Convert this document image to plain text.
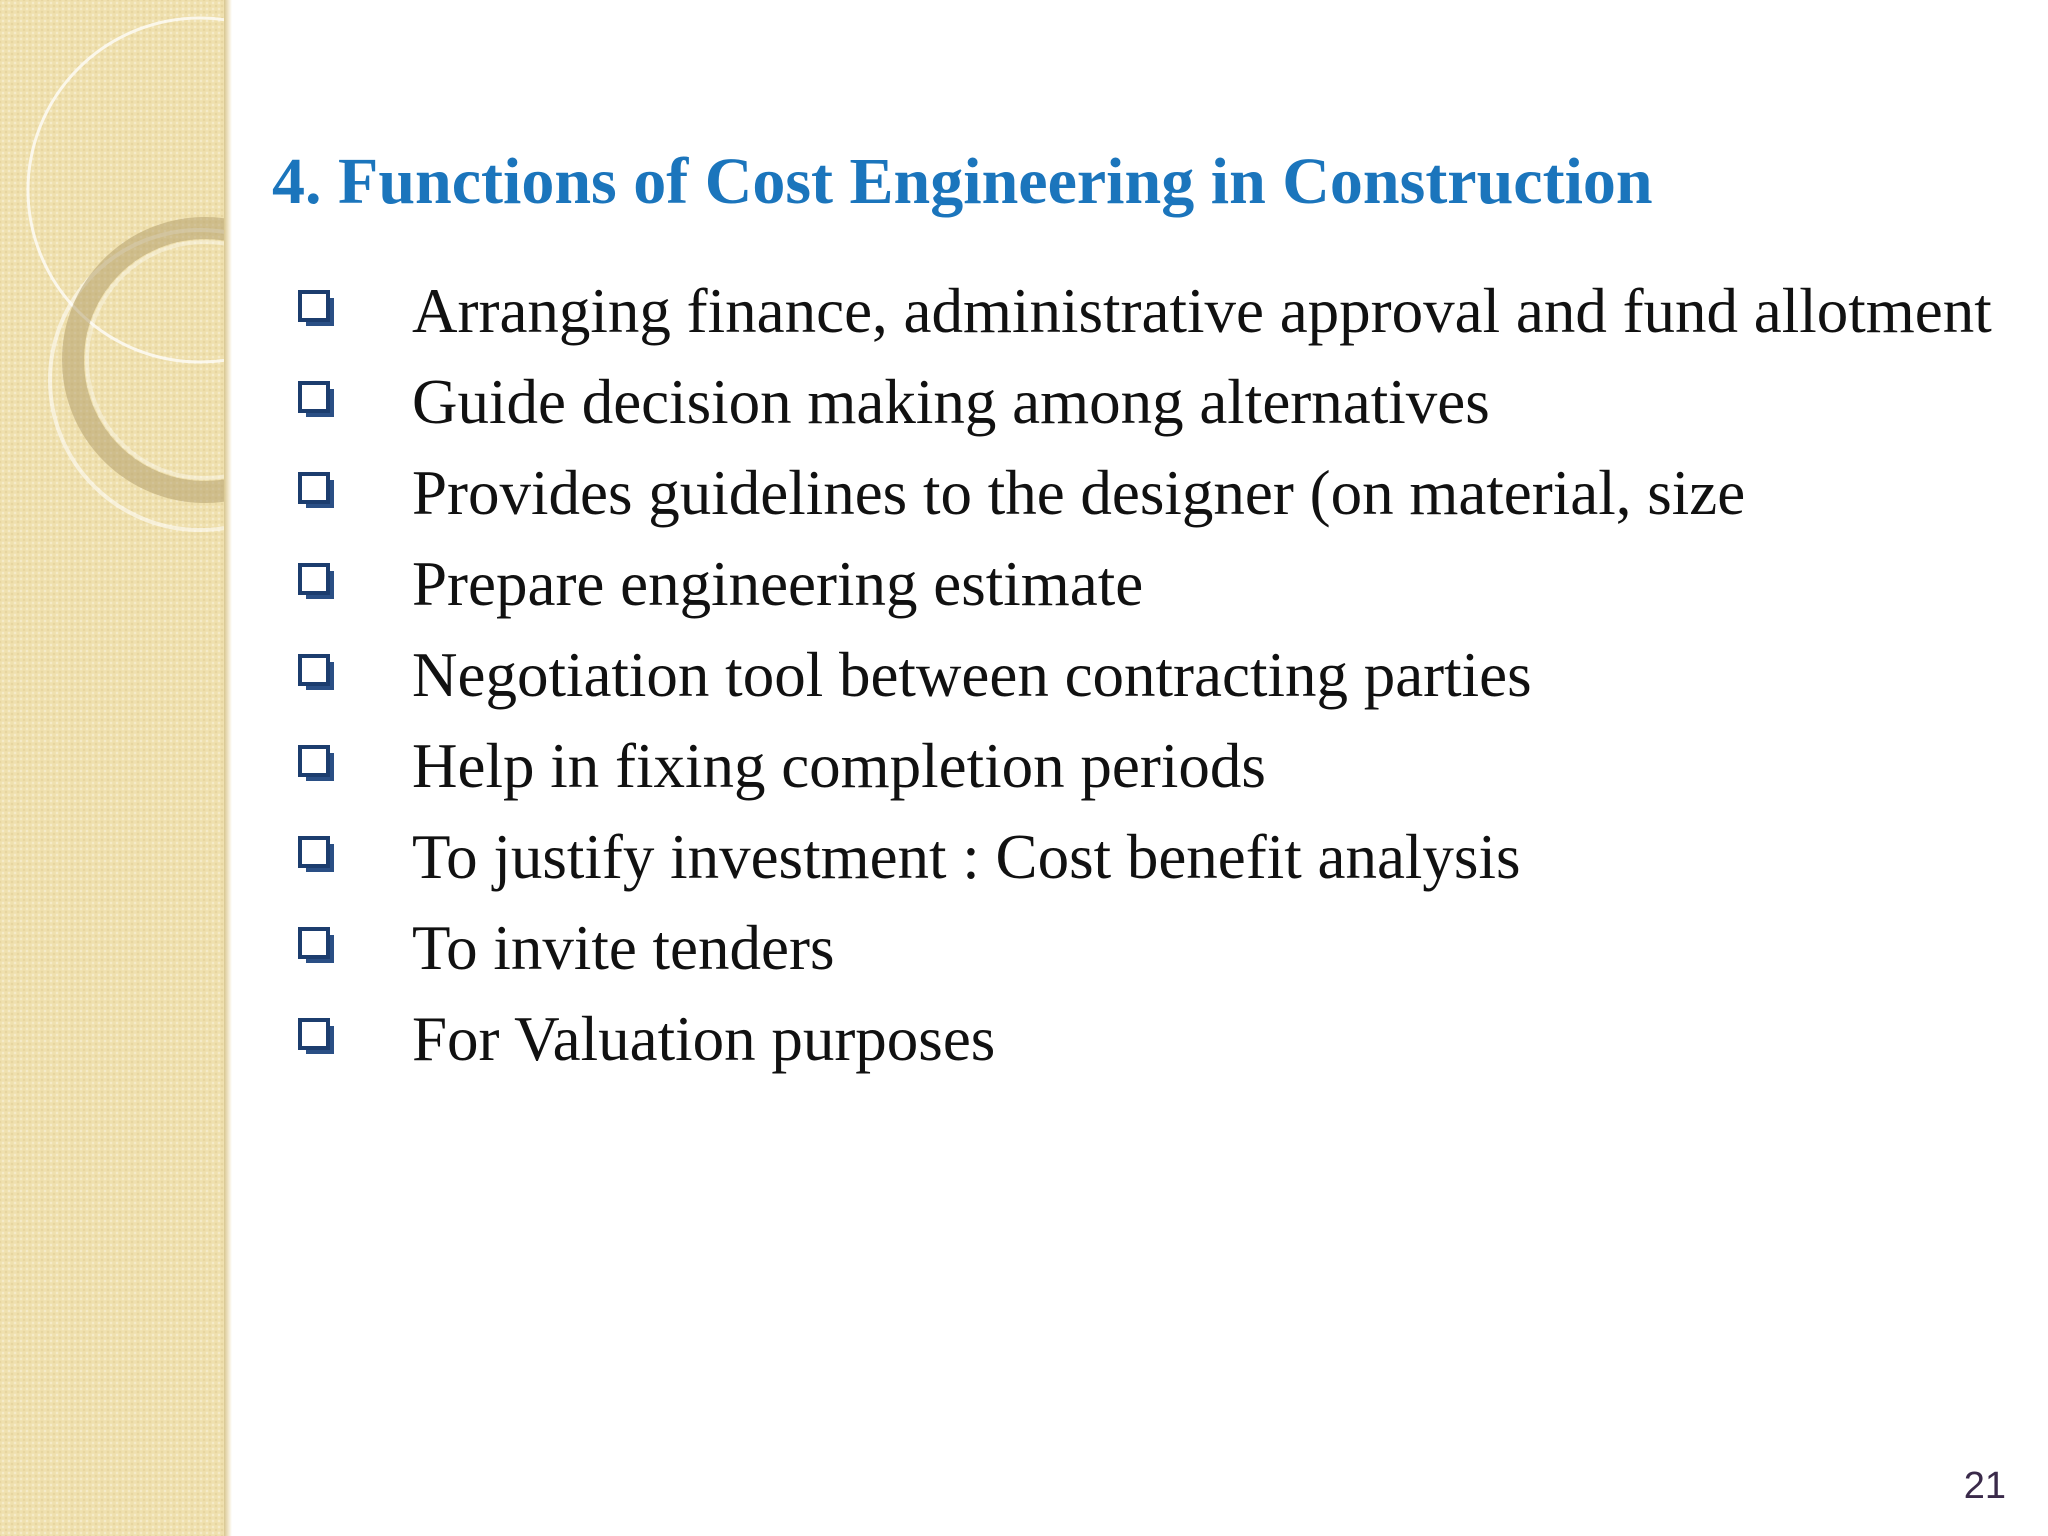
4. Functions of Cost Engineering in Construction
Arranging finance, administrative approval and fund allotment
Guide decision making among alternatives
Provides guidelines to the designer (on material, size
Prepare engineering estimate
Negotiation tool between contracting parties
Help in fixing completion periods
To justify investment : Cost benefit analysis
To invite tenders
For Valuation purposes
21
